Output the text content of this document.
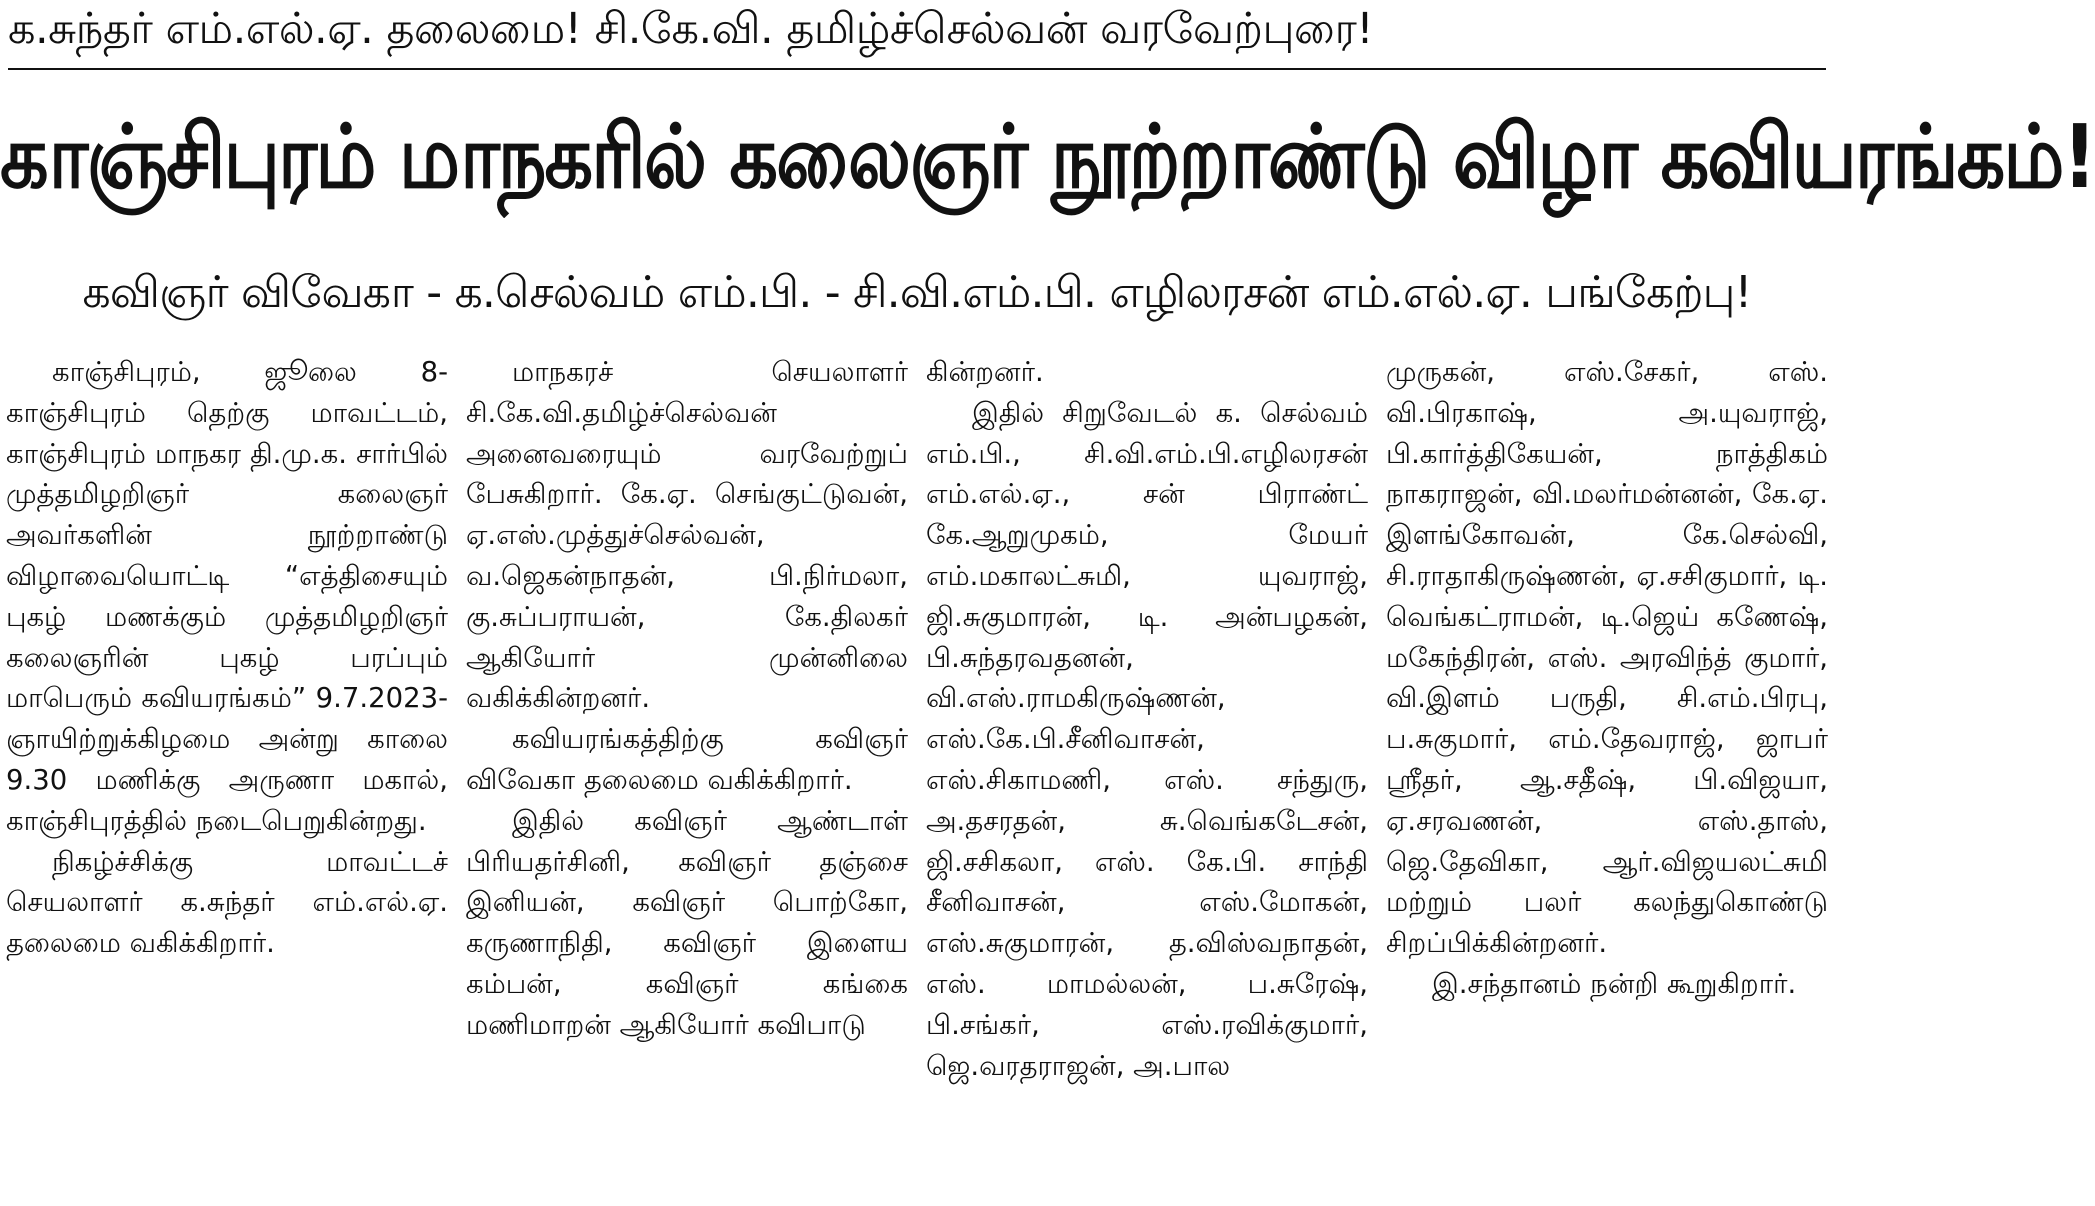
க.சுந்தர் எம்.எல்.ஏ. தலைமை! சி.கே.வி. தமிழ்ச்செல்வன் வரவேற்புரை!
காஞ்சிபுரம் மாநகரில் கலைஞர் நூற்றாண்டு விழா கவியரங்கம்!
கவிஞர் விவேகா - க.செல்வம் எம்.பி. - சி.வி.எம்.பி. எழிலரசன் எம்.எல்.ஏ. பங்கேற்பு!

காஞ்சிபுரம், ஜூலை 8- காஞ்சிபுரம் தெற்கு மாவட்டம், காஞ்சிபுரம் மாநகர தி.மு.க. சார்பில் முத்தமிழறிஞர் கலைஞர் அவர்களின் நூற்றாண்டு விழாவையொட்டி “எத்திசையும் புகழ் மணக்கும் முத்தமிழறிஞர் கலைஞரின் புகழ் பரப்பும் மாபெரும் கவியரங்கம்” 9.7.2023-ஞாயிற்றுக்கிழமை அன்று காலை 9.30 மணிக்கு அருணா மகால், காஞ்சிபுரத்தில் நடைபெறுகின்றது.

நிகழ்ச்சிக்கு மாவட்டச் செயலாளர் க.சுந்தர் எம்.எல்.ஏ. தலைமை வகிக்கிறார்.

மாநகரச் செயலாளர் சி.கே.வி.தமிழ்ச்செல்வன் அனைவரையும் வரவேற்றுப் பேசுகிறார். கே.ஏ. செங்குட்டுவன், ஏ.எஸ்.முத்துச்செல்வன், வ.ஜெகன்நாதன், பி.நிர்மலா, கு.சுப்பராயன், கே.திலகர் ஆகியோர் முன்னிலை வகிக்கின்றனர்.

கவியரங்கத்திற்கு கவிஞர் விவேகா தலைமை வகிக்கிறார்.

இதில் கவிஞர் ஆண்டாள் பிரியதர்சினி, கவிஞர் தஞ்சை இனியன், கவிஞர் பொற்கோ, கருணாநிதி, கவிஞர் இளைய கம்பன், கவிஞர் கங்கை மணிமாறன் ஆகியோர் கவிபாடு

கின்றனர்.

இதில் சிறுவேடல் க. செல்வம் எம்.பி., சி.வி.எம்.பி.எழிலரசன் எம்.எல்.ஏ., சன் பிராண்ட் கே.ஆறுமுகம், மேயர் எம்.மகாலட்சுமி, யுவராஜ், ஜி.சுகுமாரன், டி. அன்பழகன், பி.சுந்தரவதனன், வி.எஸ்.ராமகிருஷ்ணன், எஸ்.கே.பி.சீனிவாசன், எஸ்.சிகாமணி, எஸ். சந்துரு, அ.தசரதன், சு.வெங்கடேசன், ஜி.சசிகலா, எஸ். கே.பி. சாந்தி சீனிவாசன், எஸ்.மோகன், எஸ்.சுகுமாரன், த.விஸ்வநாதன், எஸ். மாமல்லன், ப.சுரேஷ், பி.சங்கர், எஸ்.ரவிக்குமார், ஜெ.வரதராஜன், அ.பால

முருகன், எஸ்.சேகர், எஸ். வி.பிரகாஷ், அ.யுவராஜ், பி.கார்த்திகேயன், நாத்திகம் நாகராஜன், வி.மலர்மன்னன், கே.ஏ. இளங்கோவன், கே.செல்வி, சி.ராதாகிருஷ்ணன், ஏ.சசிகுமார், டி. வெங்கட்ராமன், டி.ஜெய் கணேஷ், மகேந்திரன், எஸ். அரவிந்த் குமார், வி.இளம் பருதி, சி.எம்.பிரபு, ப.சுகுமார், எம்.தேவராஜ், ஜாபர் ஸ்ரீதர், ஆ.சதீஷ், பி.விஜயா, ஏ.சரவணன், எஸ்.தாஸ், ஜெ.தேவிகா, ஆர்.விஜயலட்சுமி மற்றும் பலர் கலந்துகொண்டு சிறப்பிக்கின்றனர்.

இ.சந்தானம் நன்றி கூறுகிறார்.
